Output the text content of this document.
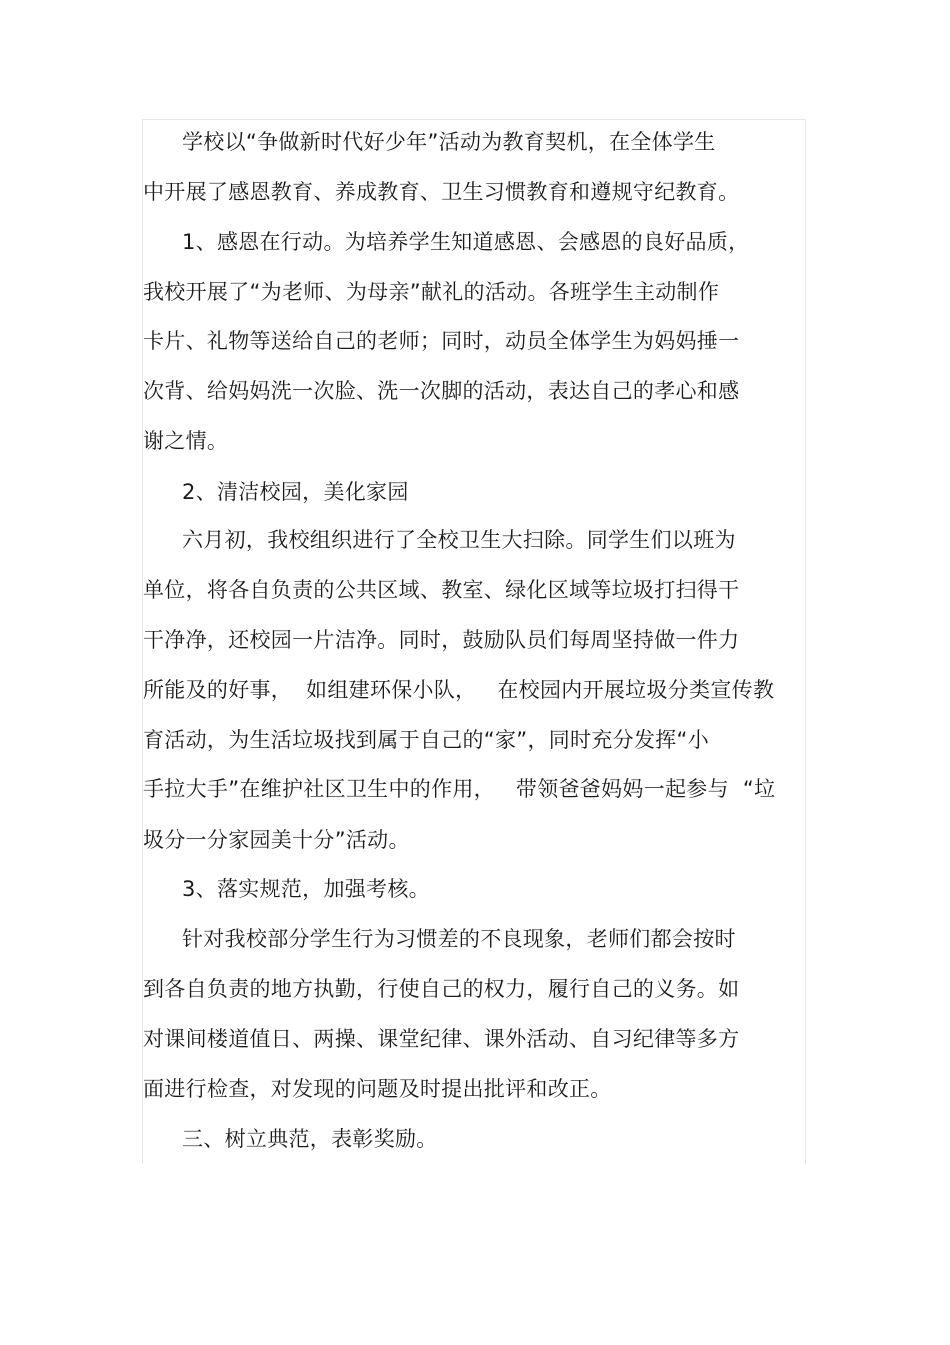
学校以“争做新时代好少年”活动为教育契机，在全体学生
中开展了感恩教育、养成教育、卫生习惯教育和遵规守纪教育。
1、感恩在行动。为培养学生知道感恩、会感恩的良好品质，
我校开展了“为老师、为母亲”献礼的活动。各班学生主动制作
卡片、礼物等送给自己的老师；同时，动员全体学生为妈妈捶一
次背、给妈妈洗一次脸、洗一次脚的活动，表达自己的孝心和感
谢之情。
2、清洁校园，美化家园
六月初，我校组织进行了全校卫生大扫除。同学生们以班为
单位，将各自负责的公共区域、教室、绿化区域等垃圾打扫得干
干净净，还校园一片洁净。同时，鼓励队员们每周坚持做一件力
所能及的好事，  如组建环保小队，   在校园内开展垃圾分类宣传教
育活动，为生活垃圾找到属于自己的“家”，同时充分发挥“小
手拉大手”在维护社区卫生中的作用，   带领爸爸妈妈一起参与  “垃
圾分一分家园美十分”活动。
3、落实规范，加强考核。
针对我校部分学生行为习惯差的不良现象，老师们都会按时
到各自负责的地方执勤，行使自己的权力，履行自己的义务。如
对课间楼道值日、两操、课堂纪律、课外活动、自习纪律等多方
面进行检查，对发现的问题及时提出批评和改正。
三、树立典范，表彰奖励。
